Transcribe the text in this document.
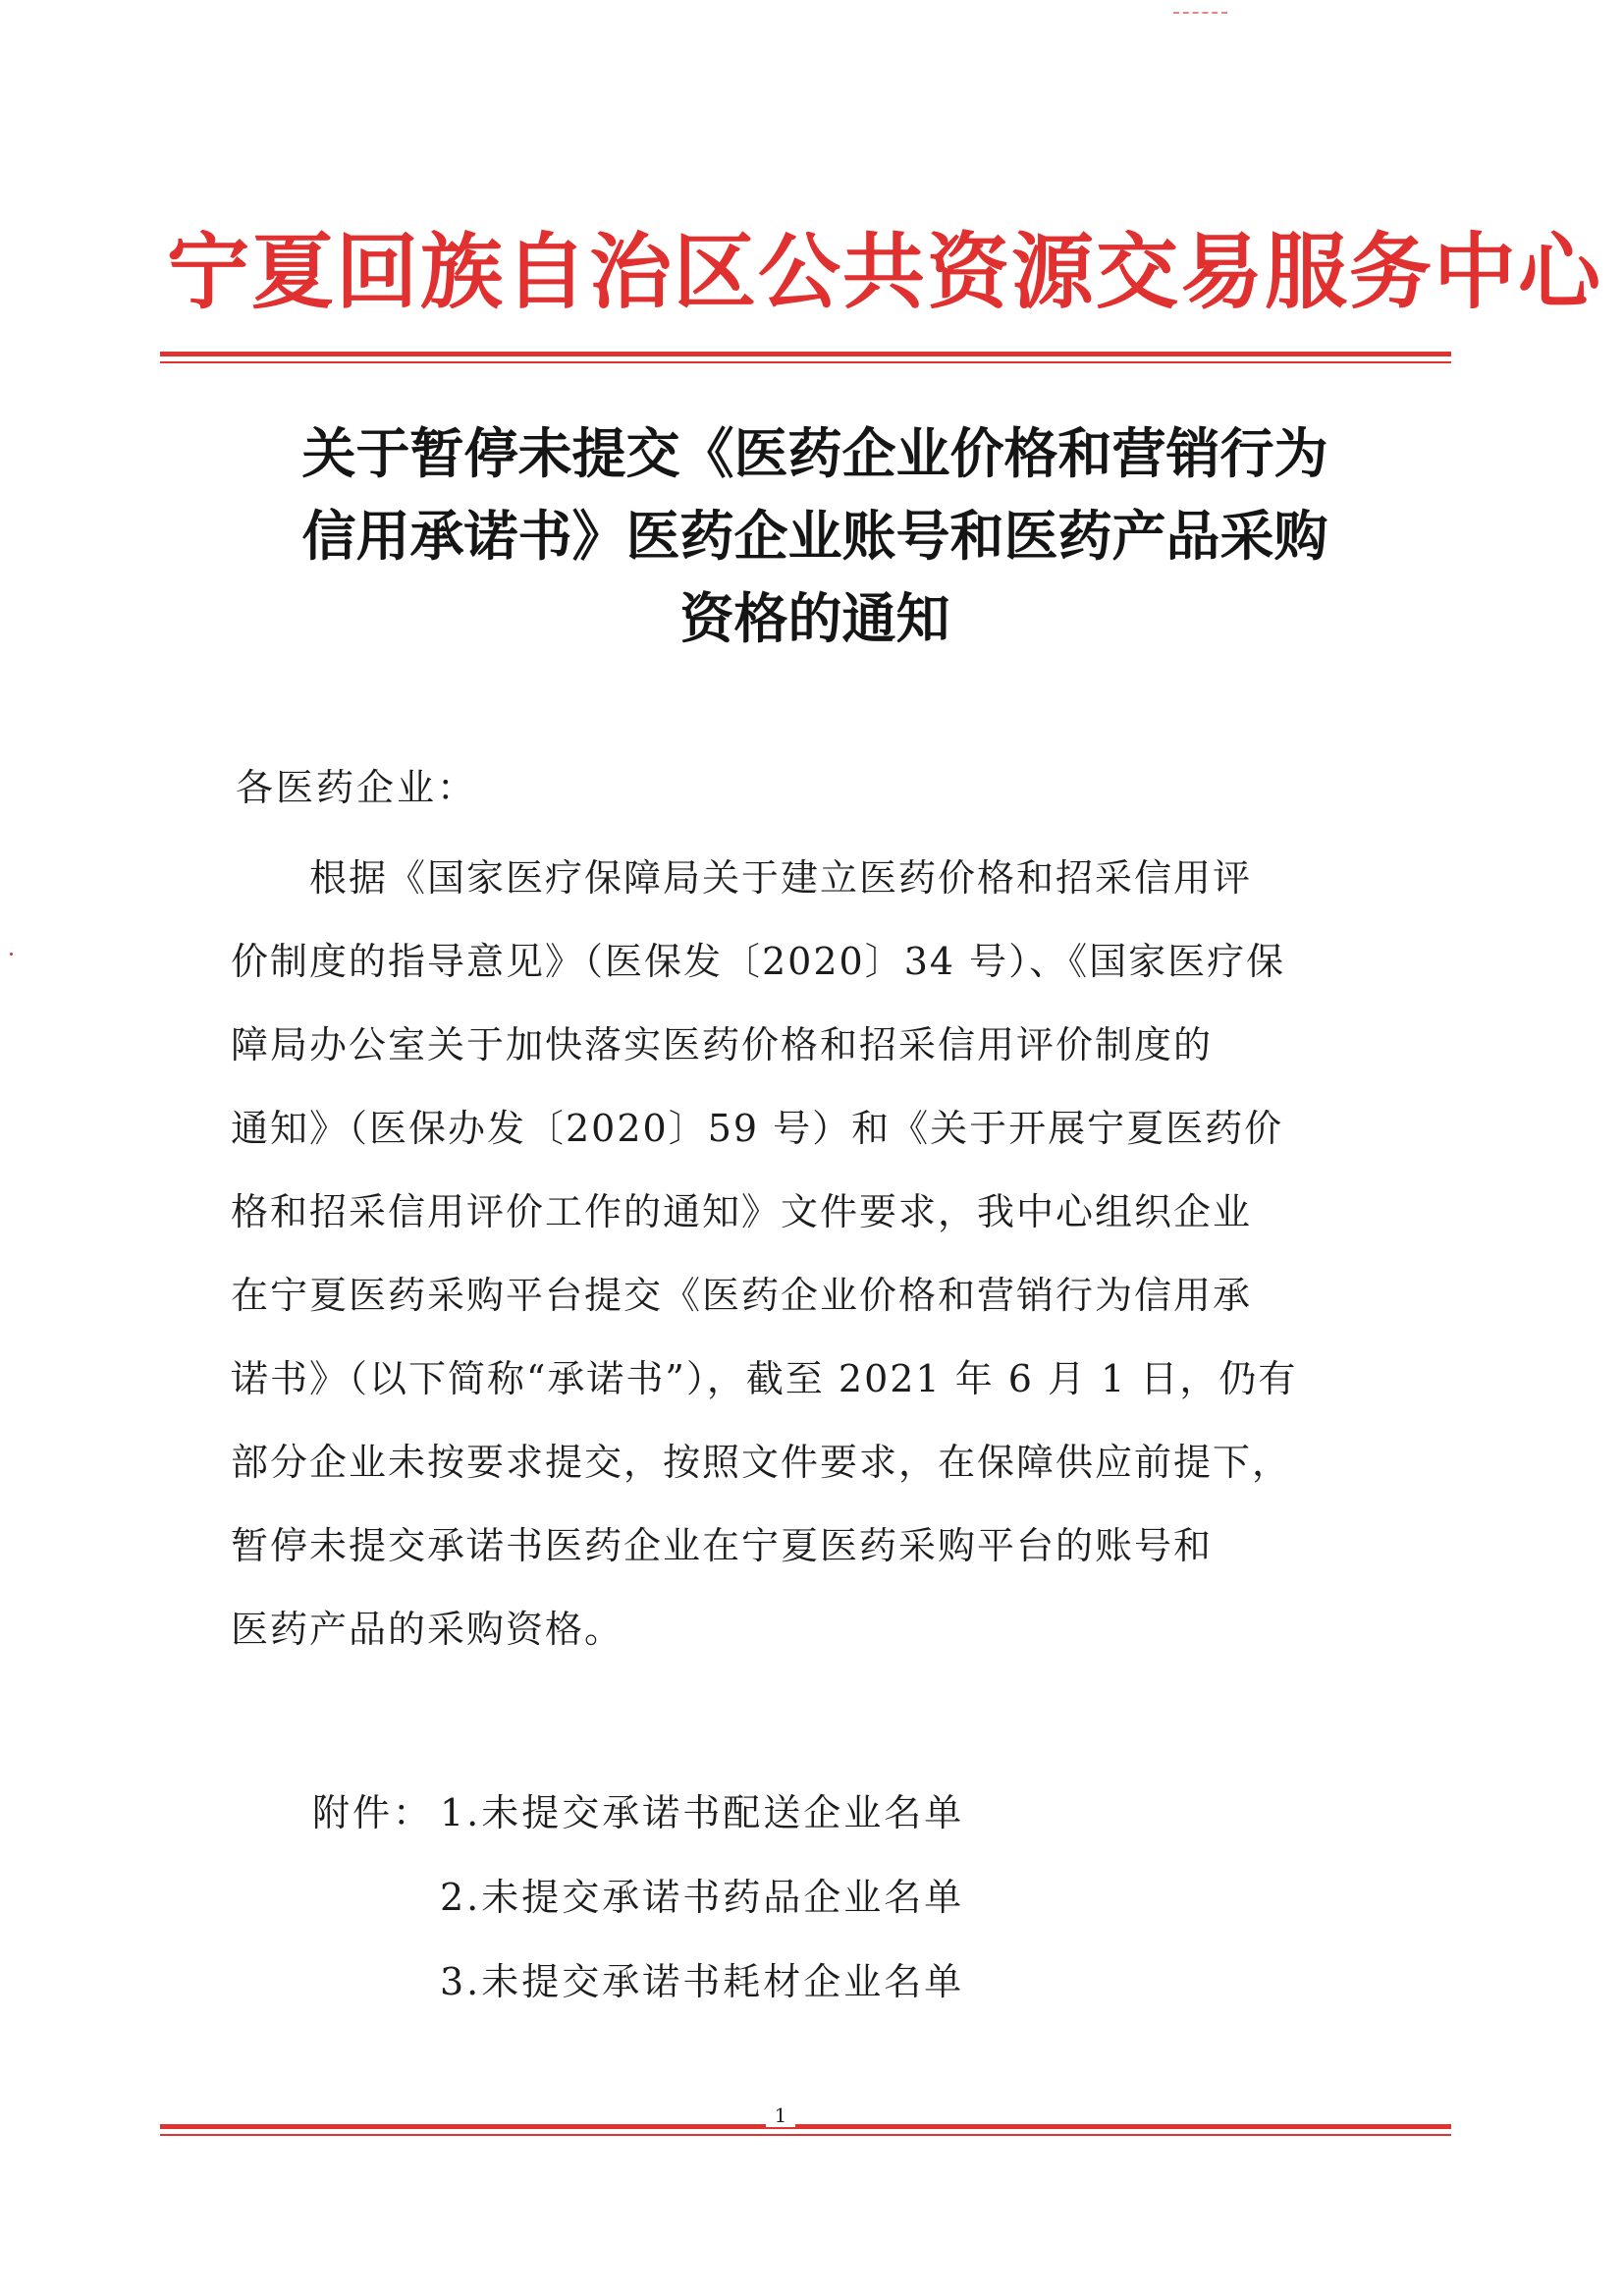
宁夏回族自治区公共资源交易服务中心
关于暂停未提交《医药企业价格和营销行为
信用承诺书》医药企业账号和医药产品采购
资格的通知
各医药企业：
　　根据《国家医疗保障局关于建立医药价格和招采信用评
价制度的指导意见》（医保发〔2020〕34 号）、《国家医疗保
障局办公室关于加快落实医药价格和招采信用评价制度的
通知》（医保办发〔2020〕59 号）和《关于开展宁夏医药价
格和招采信用评价工作的通知》文件要求，我中心组织企业
在宁夏医药采购平台提交《医药企业价格和营销行为信用承
诺书》（以下简称“承诺书”），截至 2021 年 6 月 1 日，仍有
部分企业未按要求提交，按照文件要求，在保障供应前提下，
暂停未提交承诺书医药企业在宁夏医药采购平台的账号和
医药产品的采购资格。
附件： 1.未提交承诺书配送企业名单
2.未提交承诺书药品企业名单
3.未提交承诺书耗材企业名单
1
